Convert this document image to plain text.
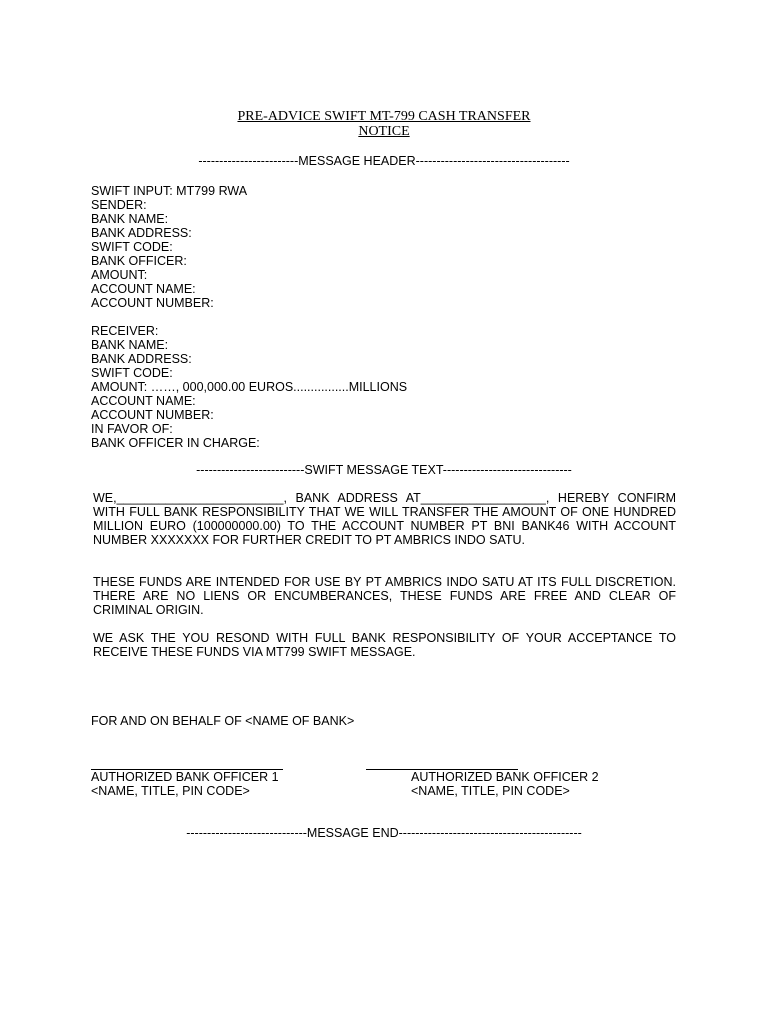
PRE-ADVICE SWIFT MT-799 CASH TRANSFER
NOTICE
------------------------MESSAGE HEADER-------------------------------------
SWIFT INPUT: MT799 RWA
SENDER:
BANK NAME:
BANK ADDRESS:
SWIFT CODE:
BANK OFFICER:
AMOUNT:
ACCOUNT NAME:
ACCOUNT NUMBER:
RECEIVER:
BANK NAME:
BANK ADDRESS:
SWIFT CODE:
AMOUNT: ……, 000,000.00 EUROS................MILLIONS
ACCOUNT NAME:
ACCOUNT NUMBER:
IN FAVOR OF:
BANK OFFICER IN CHARGE:
--------------------------SWIFT MESSAGE TEXT-------------------------------
WE,________________________, BANK ADDRESS AT__________________, HEREBY CONFIRM WITH FULL BANK RESPONSIBILITY THAT WE WILL TRANSFER THE AMOUNT OF ONE HUNDRED MILLION EURO (100000000.00) TO THE ACCOUNT NUMBER PT BNI BANK46 WITH ACCOUNT NUMBER XXXXXXX FOR FURTHER CREDIT TO PT AMBRICS INDO SATU.
THESE FUNDS ARE INTENDED FOR USE BY PT AMBRICS INDO SATU AT ITS FULL DISCRETION. THERE ARE NO LIENS OR ENCUMBERANCES, THESE FUNDS ARE FREE AND CLEAR OF CRIMINAL ORIGIN.
WE ASK THE YOU RESOND WITH FULL BANK RESPONSIBILITY OF YOUR ACCEPTANCE TO RECEIVE THESE FUNDS VIA MT799 SWIFT MESSAGE.
FOR AND ON BEHALF OF <NAME OF BANK>
AUTHORIZED BANK OFFICER 1
<NAME, TITLE, PIN CODE>
AUTHORIZED BANK OFFICER 2
<NAME, TITLE, PIN CODE>
-----------------------------MESSAGE END--------------------------------------------
